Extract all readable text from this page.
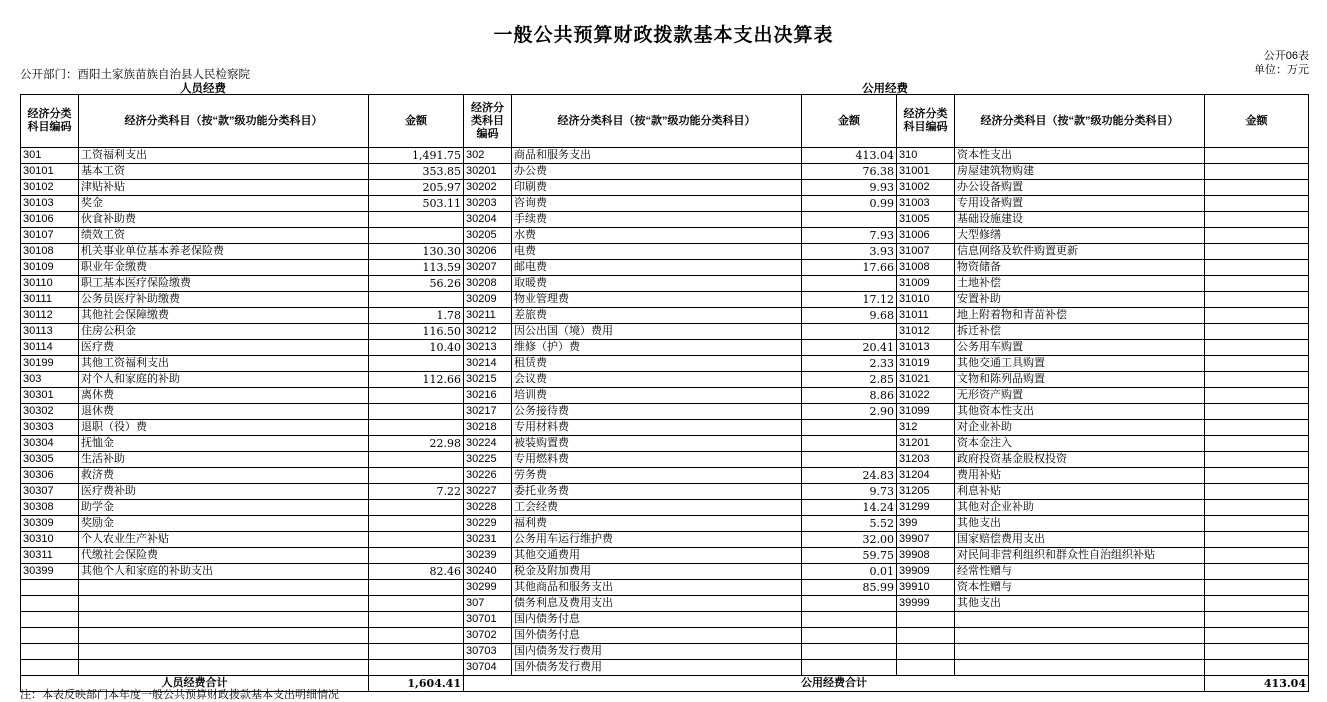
一般公共预算财政拨款基本支出决算表
公开06表
单位：万元
公开部门：酉阳土家族苗族自治县人民检察院
人员经费	公用经费
经济分类科目编码	经济分类科目（按“款”级功能分类科目）	金额	经济分类科目编码	经济分类科目（按“款”级功能分类科目）	金额	经济分类科目编码	经济分类科目（按“款”级功能分类科目）	金额
301	工资福利支出	1,491.75	302	商品和服务支出	413.04	310	资本性支出	
30101	基本工资	353.85	30201	办公费	76.38	31001	房屋建筑物购建	
30102	津贴补贴	205.97	30202	印刷费	9.93	31002	办公设备购置	
30103	奖金	503.11	30203	咨询费	0.99	31003	专用设备购置	
30106	伙食补助费		30204	手续费		31005	基础设施建设	
30107	绩效工资		30205	水费	7.93	31006	大型修缮	
30108	机关事业单位基本养老保险费	130.30	30206	电费	3.93	31007	信息网络及软件购置更新	
30109	职业年金缴费	113.59	30207	邮电费	17.66	31008	物资储备	
30110	职工基本医疗保险缴费	56.26	30208	取暖费		31009	土地补偿	
30111	公务员医疗补助缴费		30209	物业管理费	17.12	31010	安置补助	
30112	其他社会保障缴费	1.78	30211	差旅费	9.68	31011	地上附着物和青苗补偿	
30113	住房公积金	116.50	30212	因公出国（境）费用		31012	拆迁补偿	
30114	医疗费	10.40	30213	维修（护）费	20.41	31013	公务用车购置	
30199	其他工资福利支出		30214	租赁费	2.33	31019	其他交通工具购置	
303	对个人和家庭的补助	112.66	30215	会议费	2.85	31021	文物和陈列品购置	
30301	离休费		30216	培训费	8.86	31022	无形资产购置	
30302	退休费		30217	公务接待费	2.90	31099	其他资本性支出	
30303	退职（役）费		30218	专用材料费		312	对企业补助	
30304	抚恤金	22.98	30224	被装购置费		31201	资本金注入	
30305	生活补助		30225	专用燃料费		31203	政府投资基金股权投资	
30306	救济费		30226	劳务费	24.83	31204	费用补贴	
30307	医疗费补助	7.22	30227	委托业务费	9.73	31205	利息补贴	
30308	助学金		30228	工会经费	14.24	31299	其他对企业补助	
30309	奖励金		30229	福利费	5.52	399	其他支出	
30310	个人农业生产补贴		30231	公务用车运行维护费	32.00	39907	国家赔偿费用支出	
30311	代缴社会保险费		30239	其他交通费用	59.75	39908	对民间非营利组织和群众性自治组织补贴	
30399	其他个人和家庭的补助支出	82.46	30240	税金及附加费用	0.01	39909	经常性赠与	
			30299	其他商品和服务支出	85.99	39910	资本性赠与	
			307	债务利息及费用支出		39999	其他支出	
			30701	国内债务付息				
			30702	国外债务付息				
			30703	国内债务发行费用				
			30704	国外债务发行费用				
人员经费合计		1,604.41	公用经费合计					413.04
注：本表反映部门本年度一般公共预算财政拨款基本支出明细情况
